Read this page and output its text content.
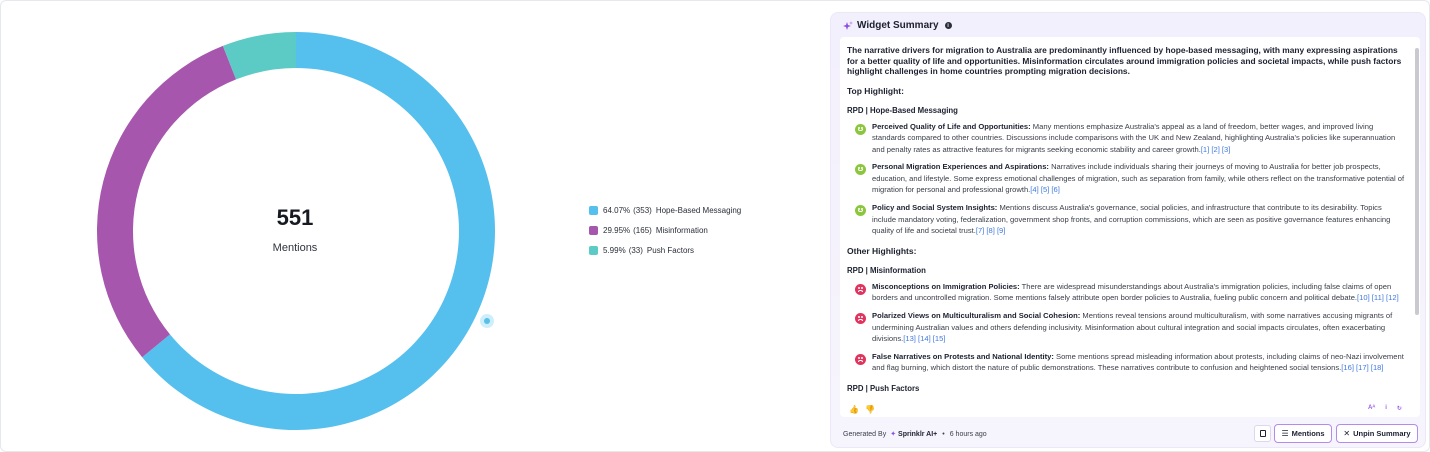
551
Mentions
64.07% (353) Hope-Based Messaging
29.95% (165) Misinformation
5.99% (33) Push Factors
Widget Summary	i
The narrative drivers for migration to Australia are predominantly influenced by hope-based messaging, with many expressing aspirations for a better quality of life and opportunities. Misinformation circulates around immigration policies and societal impacts, while push factors highlight challenges in home countries prompting migration decisions.
Top Highlight:
RPD | Hope-Based Messaging
Perceived Quality of Life and Opportunities: Many mentions emphasize Australia's appeal as a land of freedom, better wages, and improved living standards compared to other countries. Discussions include comparisons with the UK and New Zealand, highlighting Australia's policies like superannuation and penalty rates as attractive features for migrants seeking economic stability and career growth.[1] [2] [3]
Personal Migration Experiences and Aspirations: Narratives include individuals sharing their journeys of moving to Australia for better job prospects, education, and lifestyle. Some express emotional challenges of migration, such as separation from family, while others reflect on the transformative potential of migration for personal and professional growth.[4] [5] [6]
Policy and Social System Insights: Mentions discuss Australia's governance, social policies, and infrastructure that contribute to its desirability. Topics include mandatory voting, federalization, government shop fronts, and corruption commissions, which are seen as positive governance features enhancing quality of life and societal trust.[7] [8] [9]
Other Highlights:
RPD | Misinformation
Misconceptions on Immigration Policies: There are widespread misunderstandings about Australia's immigration policies, including false claims of open borders and uncontrolled migration. Some mentions falsely attribute open border policies to Australia, fueling public concern and political debate.[10] [11] [12]
Polarized Views on Multiculturalism and Social Cohesion: Mentions reveal tensions around multiculturalism, with some narratives accusing migrants of undermining Australian values and others defending inclusivity. Misinformation about cultural integration and social impacts circulates, often exacerbating divisions.[13] [14] [15]
False Narratives on Protests and National Identity: Some mentions spread misleading information about protests, including claims of neo-Nazi involvement and flag burning, which distort the nature of public demonstrations. These narratives contribute to confusion and heightened social tensions.[16] [17] [18]
RPD | Push Factors
👍 👎	Aᴬ i ↻
Generated By ✦ Sprinklr AI+ • 6 hours ago	☰ Mentions ✕ Unpin Summary
